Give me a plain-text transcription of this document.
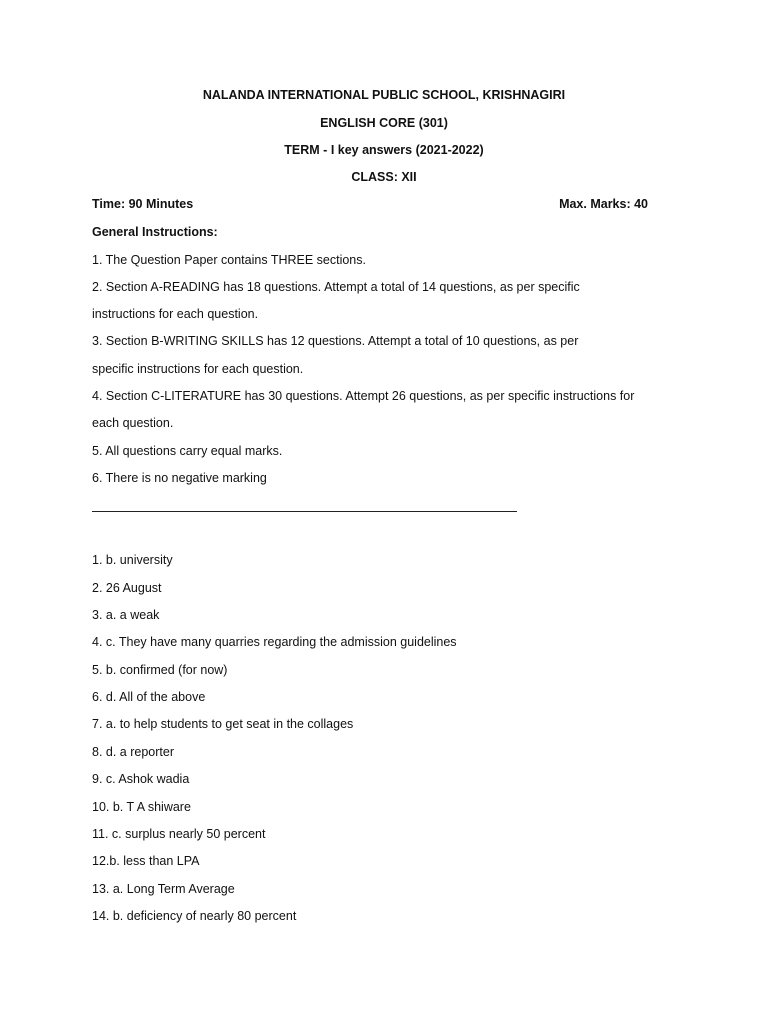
NALANDA INTERNATIONAL PUBLIC SCHOOL, KRISHNAGIRI
ENGLISH CORE (301)
TERM - I key answers (2021-2022)
CLASS: XII
Time: 90 Minutes	Max. Marks: 40
General Instructions:
1. The Question Paper contains THREE sections.
2. Section A-READING has 18 questions. Attempt a total of 14 questions, as per specific
instructions for each question.
3. Section B-WRITING SKILLS has 12 questions. Attempt a total of 10 questions, as per
specific instructions for each question.
4. Section C-LITERATURE has 30 questions. Attempt 26 questions, as per specific instructions for
each question.
5. All questions carry equal marks.
6. There is no negative marking
1. b. university
2. 26 August
3. a. a weak
4. c. They have many quarries regarding the admission guidelines
5. b. confirmed (for now)
6. d. All of the above
7. a. to help students to get seat in the collages
8. d. a reporter
9. c. Ashok wadia
10. b. T A shiware
11. c. surplus nearly 50 percent
12.b. less than LPA
13. a. Long Term Average
14. b. deficiency of nearly 80 percent
